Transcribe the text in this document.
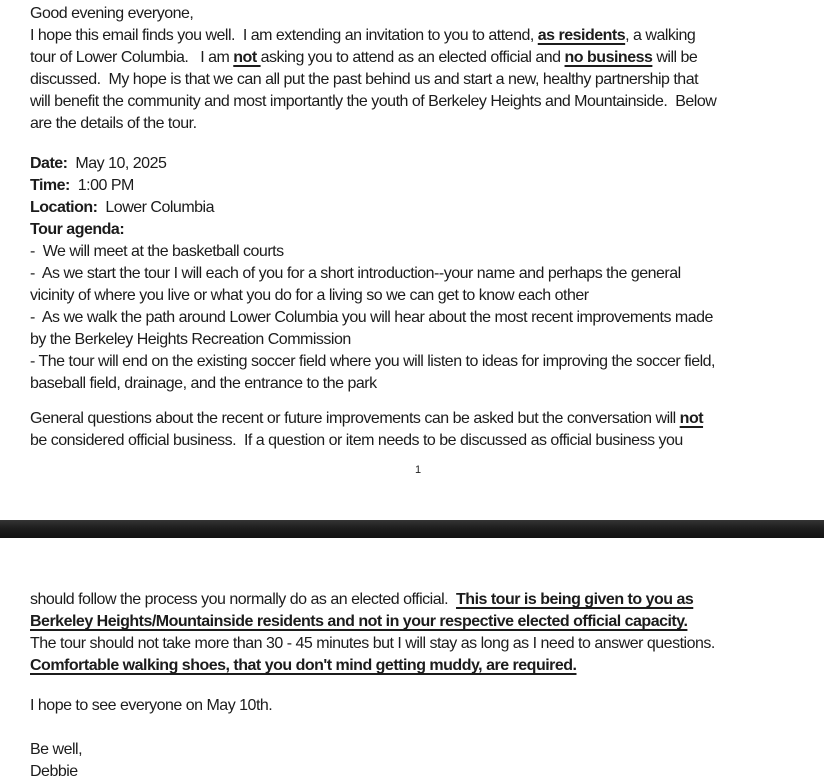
Good evening everyone,
I hope this email finds you well.  I am extending an invitation to you to attend, as residents, a walking
tour of Lower Columbia.   I am not asking you to attend as an elected official and no business will be
discussed.  My hope is that we can all put the past behind us and start a new, healthy partnership that
will benefit the community and most importantly the youth of Berkeley Heights and Mountainside.  Below
are the details of the tour.
Date:  May 10, 2025
Time:  1:00 PM
Location:  Lower Columbia
Tour agenda:
-  We will meet at the basketball courts
-  As we start the tour I will each of you for a short introduction--your name and perhaps the general
vicinity of where you live or what you do for a living so we can get to know each other
-  As we walk the path around Lower Columbia you will hear about the most recent improvements made
by the Berkeley Heights Recreation Commission
- The tour will end on the existing soccer field where you will listen to ideas for improving the soccer field,
baseball field, drainage, and the entrance to the park
General questions about the recent or future improvements can be asked but the conversation will not
be considered official business.  If a question or item needs to be discussed as official business you
1
should follow the process you normally do as an elected official.  This tour is being given to you as
Berkeley Heights/Mountainside residents and not in your respective elected official capacity.
The tour should not take more than 30 - 45 minutes but I will stay as long as I need to answer questions.
Comfortable walking shoes, that you don't mind getting muddy, are required.
I hope to see everyone on May 10th.
Be well,
Debbie
